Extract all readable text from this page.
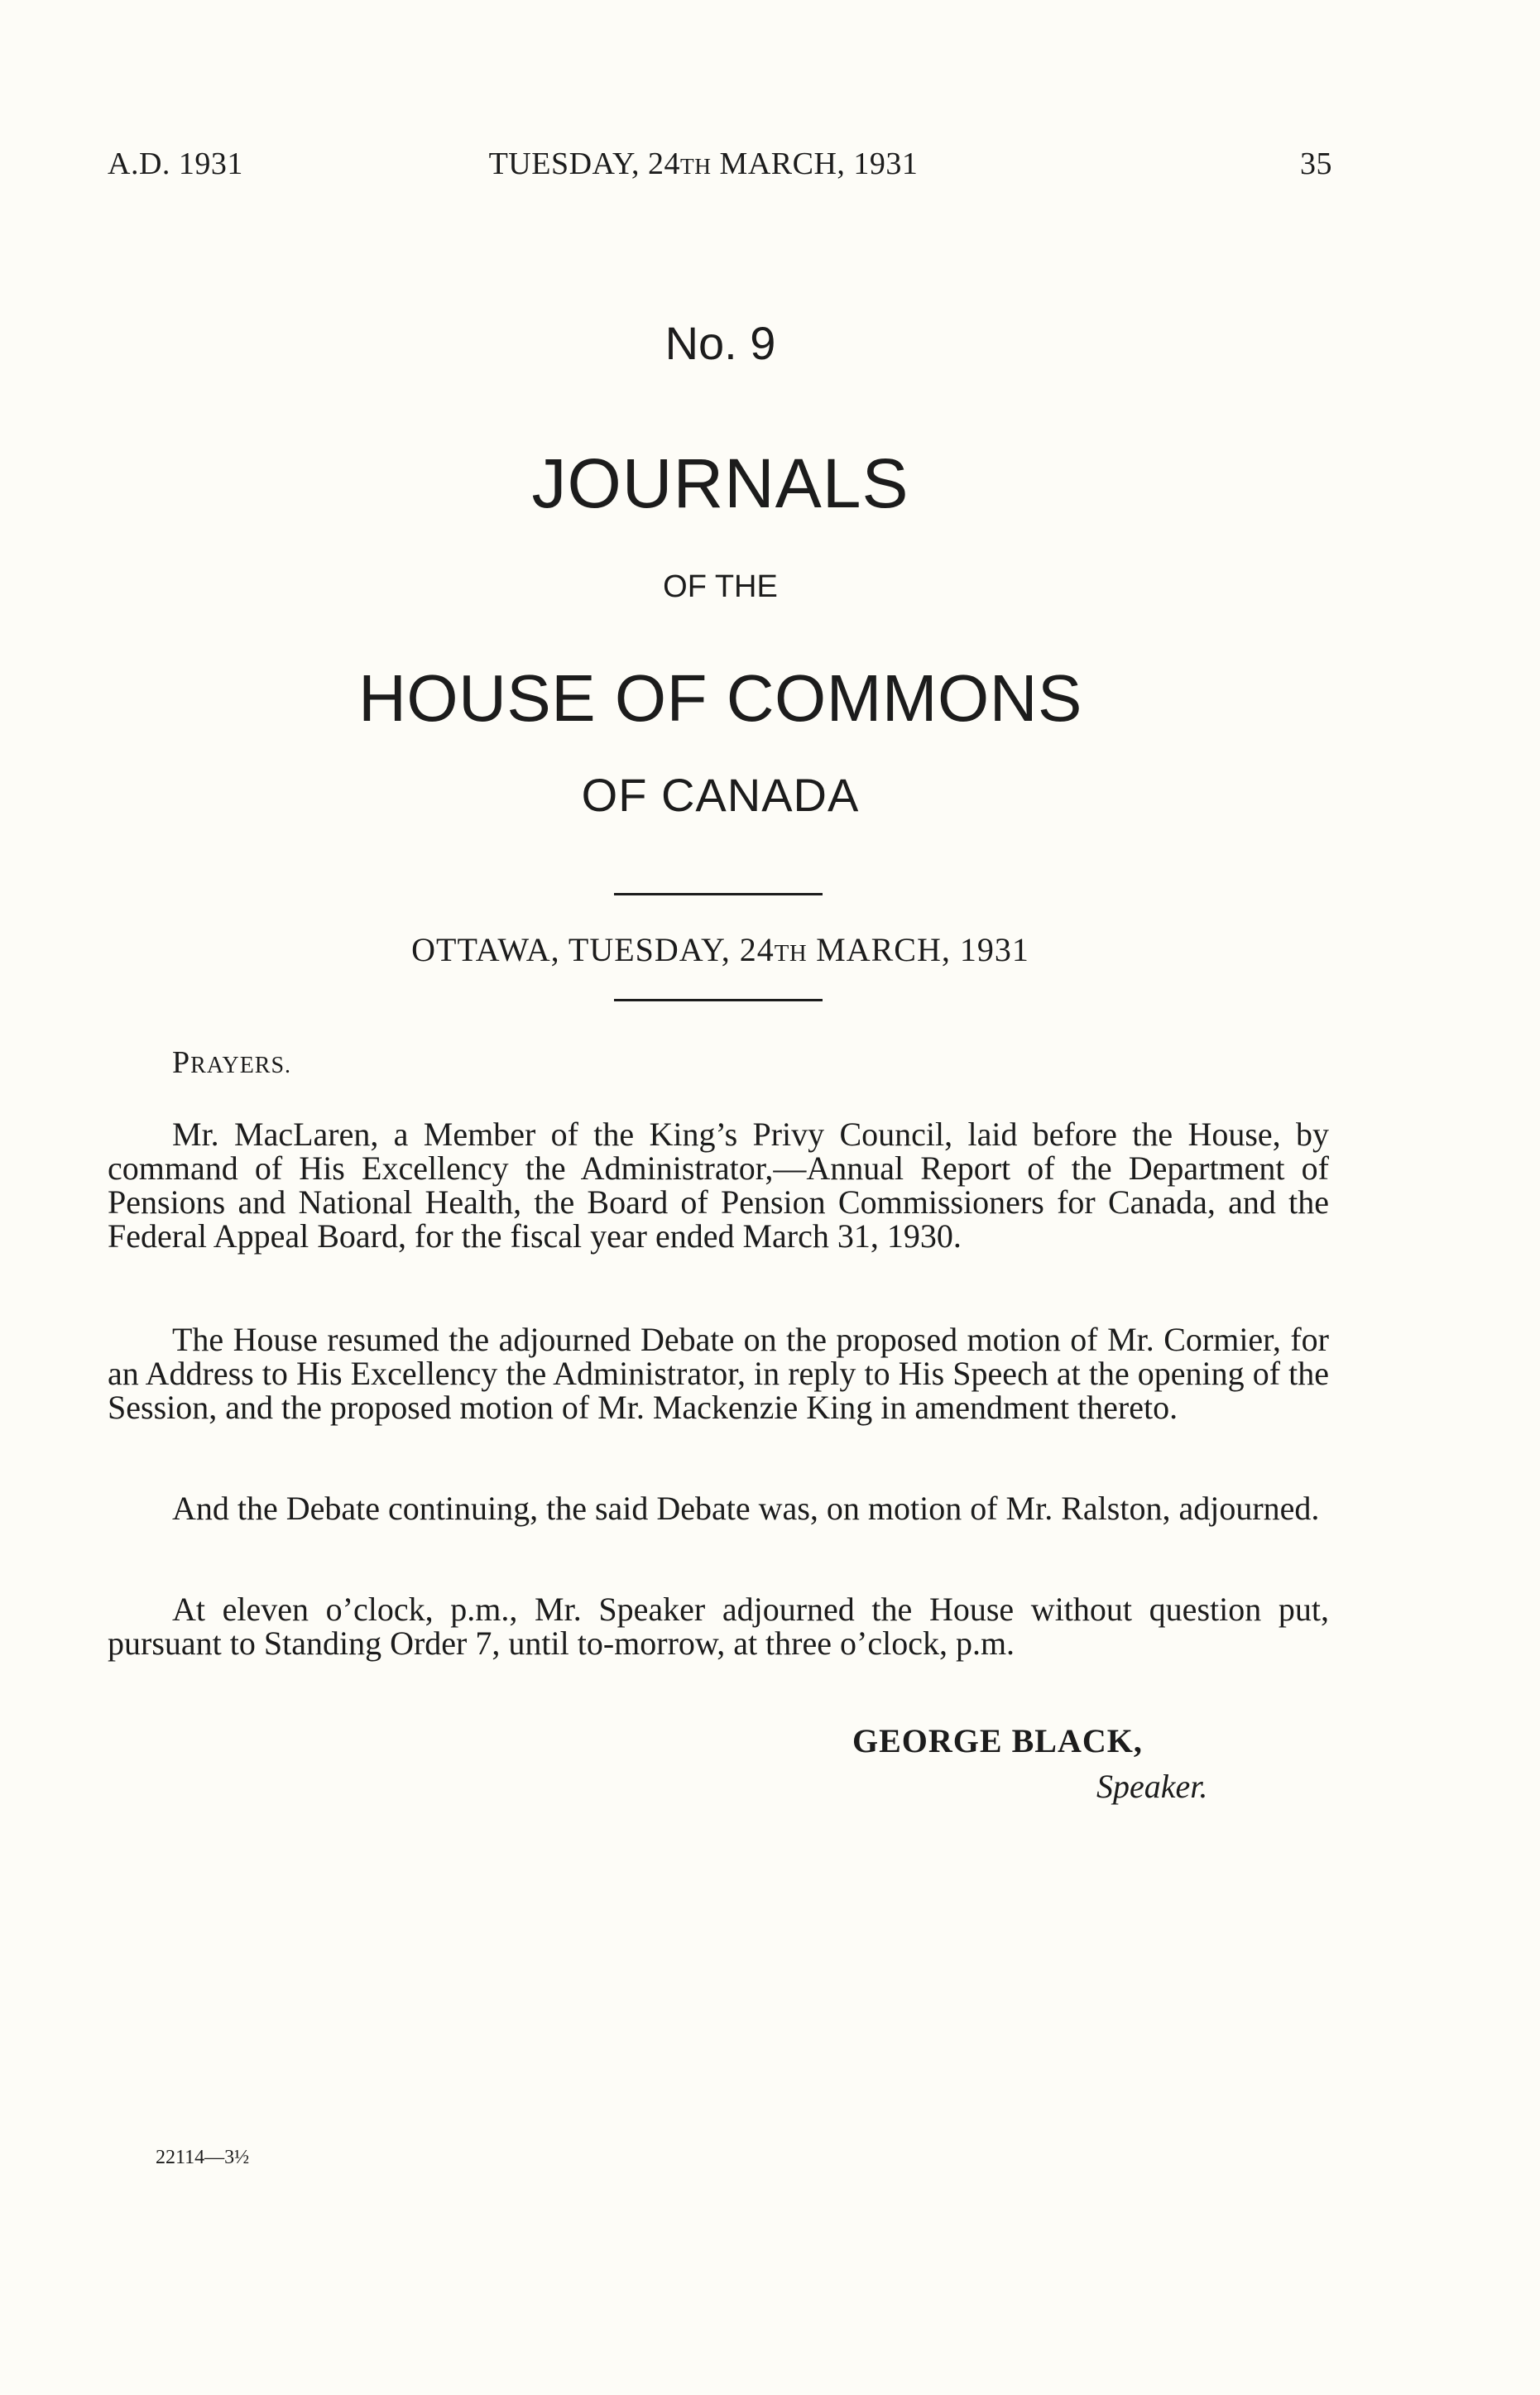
A.D. 1931	TUESDAY, 24TH MARCH, 1931	35
No. 9
JOURNALS
OF THE
HOUSE OF COMMONS
OF CANADA
OTTAWA, TUESDAY, 24TH MARCH, 1931
PRAYERS.

Mr. MacLaren, a Member of the King’s Privy Council, laid before the House, by command of His Excellency the Administrator,—Annual Report of the Department of Pensions and National Health, the Board of Pension Commissioners for Canada, and the Federal Appeal Board, for the fiscal year ended March 31, 1930.

The House resumed the adjourned Debate on the proposed motion of Mr. Cormier, for an Address to His Excellency the Administrator, in reply to His Speech at the opening of the Session, and the proposed motion of Mr. Mackenzie King in amendment thereto.

And the Debate continuing, the said Debate was, on motion of Mr. Ralston, adjourned.

At eleven o’clock, p.m., Mr. Speaker adjourned the House without question put, pursuant to Standing Order 7, until to-morrow, at three o’clock, p.m.

GEORGE BLACK,
Speaker.
22114—3½
